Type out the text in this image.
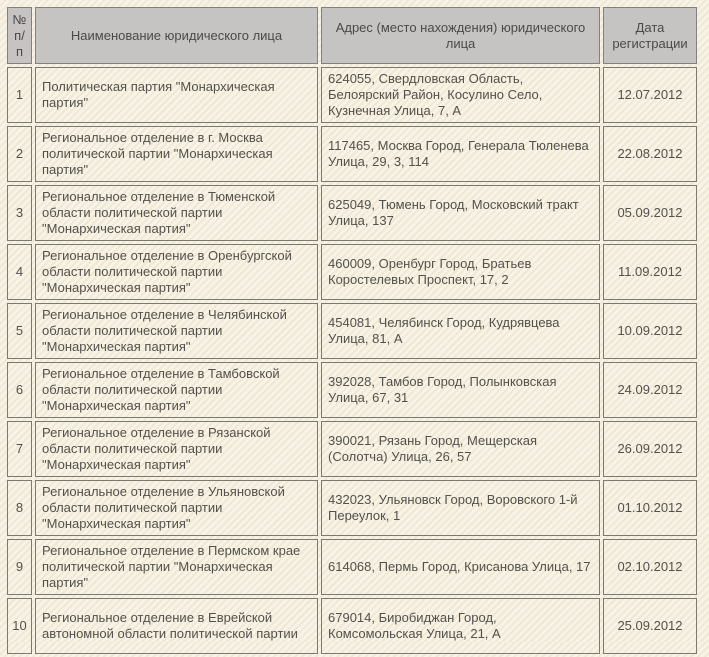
№ п/п	Наименование юридического лица	Адрес (место нахождения) юридического лица	Дата регистрации
1	Политическая партия "Монархическая партия"	624055, Свердловская Область, Белоярский Район, Косулино Село, Кузнечная Улица, 7, А	12.07.2012
2	Региональное отделение в г. Москва политической партии "Монархическая партия"	117465, Москва Город, Генерала Тюленева Улица, 29, 3, 114	22.08.2012
3	Региональное отделение в Тюменской области политической партии "Монархическая партия"	625049, Тюмень Город, Московский тракт Улица, 137	05.09.2012
4	Региональное отделение в Оренбургской области политической партии "Монархическая партия"	460009, Оренбург Город, Братьев Коростелевых Проспект, 17, 2	11.09.2012
5	Региональное отделение в Челябинской области политической партии "Монархическая партия"	454081, Челябинск Город, Кудрявцева Улица, 81, А	10.09.2012
6	Региональное отделение в Тамбовской области политической партии "Монархическая партия"	392028, Тамбов Город, Полынковская Улица, 67, 31	24.09.2012
7	Региональное отделение в Рязанской области политической партии "Монархическая партия"	390021, Рязань Город, Мещерская (Солотча) Улица, 26, 57	26.09.2012
8	Региональное отделение в Ульяновской области политической партии "Монархическая партия"	432023, Ульяновск Город, Воровского 1-й Переулок, 1	01.10.2012
9	Региональное отделение в Пермском крае политической партии "Монархическая партия"	614068, Пермь Город, Крисанова Улица, 17	02.10.2012
10	Региональное отделение в Еврейской автономной области политической партии	679014, Биробиджан Город, Комсомольская Улица, 21, А	25.09.2012
